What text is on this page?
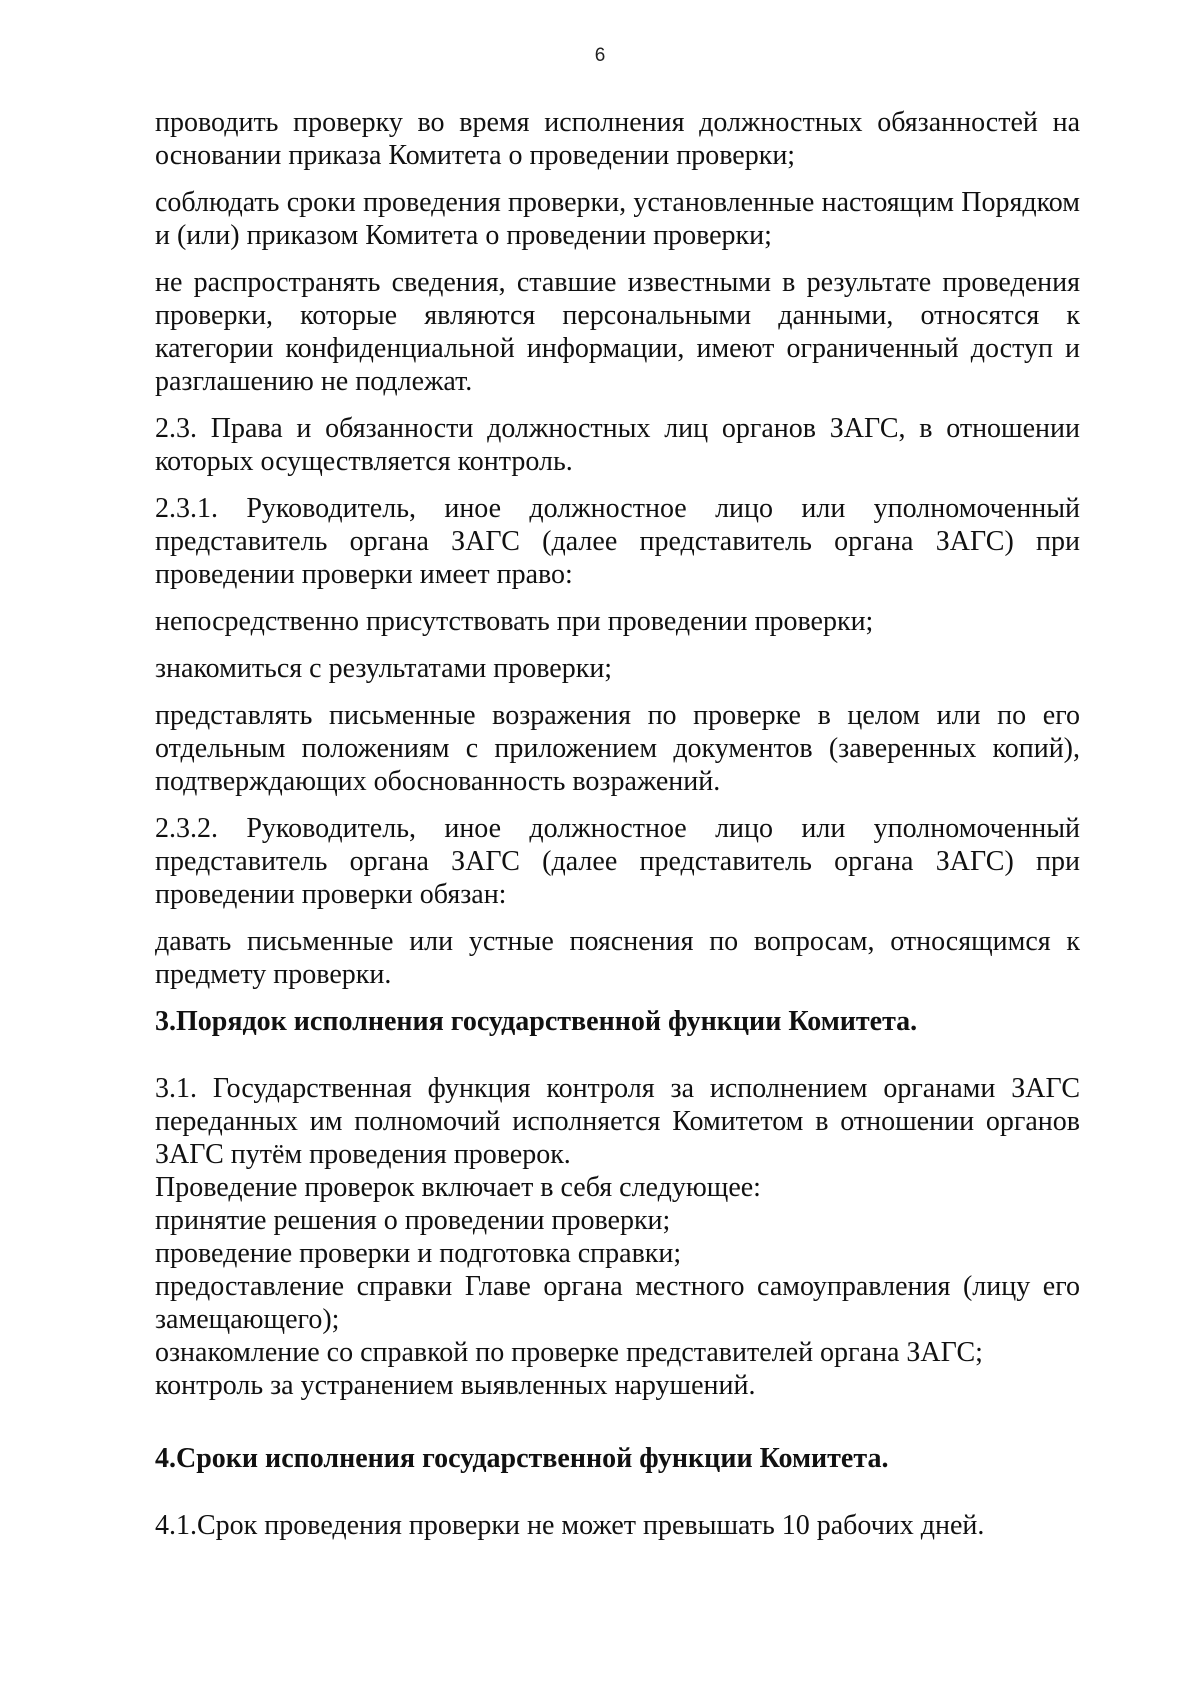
6

проводить проверку во время исполнения должностных обязанностей на основании приказа Комитета о проведении проверки;

соблюдать сроки проведения проверки, установленные настоящим Порядком и (или) приказом Комитета о проведении проверки;

не распространять сведения, ставшие известными в результате проведения проверки, которые являются персональными данными, относятся к категории конфиденциальной информации, имеют ограниченный доступ и разглашению не подлежат.

2.3. Права и обязанности должностных лиц органов ЗАГС, в отношении которых осуществляется контроль.

2.3.1. Руководитель, иное должностное лицо или уполномоченный представитель органа ЗАГС (далее представитель органа ЗАГС) при проведении проверки имеет право:

непосредственно присутствовать при проведении проверки;

знакомиться с результатами проверки;

представлять письменные возражения по проверке в целом или по его отдельным положениям с приложением документов (заверенных копий), подтверждающих обоснованность возражений.

2.3.2. Руководитель, иное должностное лицо или уполномоченный представитель органа ЗАГС (далее представитель органа ЗАГС) при проведении проверки обязан:

давать письменные или устные пояснения по вопросам, относящимся к предмету проверки.

3.Порядок исполнения государственной функции Комитета.

3.1. Государственная функция контроля за исполнением органами ЗАГС переданных им полномочий исполняется Комитетом в отношении органов ЗАГС путём проведения проверок.

Проведение проверок включает в себя следующее:

принятие решения о проведении проверки;

проведение проверки и подготовка справки;

предоставление справки Главе органа местного самоуправления (лицу его замещающего);

ознакомление со справкой по проверке представителей органа ЗАГС;

контроль за устранением выявленных нарушений.

4.Сроки исполнения государственной функции Комитета.

4.1.Срок проведения проверки не может превышать 10 рабочих дней.
